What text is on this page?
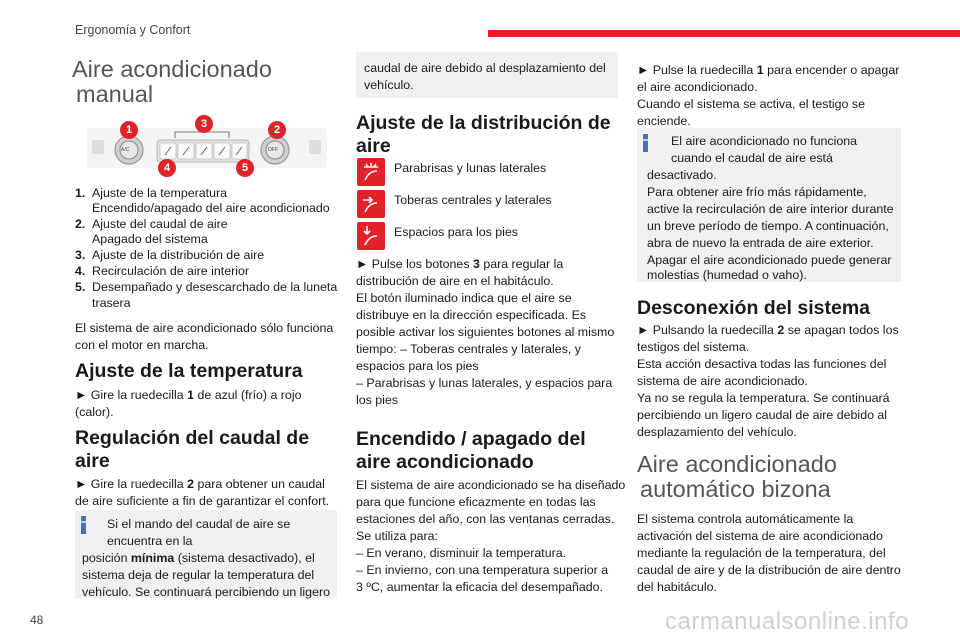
Ergonomía y Confort
Aire acondicionado
manual
A/C	OFF
1	3	2
4	5
1. Ajuste de la temperatura
Encendido/apagado del aire acondicionado
2. Ajuste del caudal de aire
Apagado del sistema
3. Ajuste de la distribución de aire
4. Recirculación de aire interior
5. Desempañado y desescarchado de la luneta
trasera

El sistema de aire acondicionado sólo funciona

con el motor en marcha.

Ajuste de la temperatura

► Gire la ruedecilla 1 de azul (frío) a rojo

(calor).

Regulación del caudal de
aire

► Gire la ruedecilla 2 para obtener un caudal

de aire suficiente a fin de garantizar el confort.

Si el mando del caudal de aire se

encuentra en la

posición mínima (sistema desactivado), el

sistema deja de regular la temperatura del

vehículo. Se continuará percibiendo un ligero

caudal de aire debido al desplazamiento del

vehículo.

Ajuste de la distribución de
aire
Parabrisas y lunas laterales
Toberas centrales y laterales
Espacios para los pies

► Pulse los botones 3 para regular la

distribución de aire en el habitáculo.

El botón iluminado indica que el aire se

distribuye en la dirección especificada. Es

posible activar los siguientes botones al mismo

tiempo: – Toberas centrales y laterales, y

espacios para los pies

– Parabrisas y lunas laterales, y espacios para

los pies

Encendido / apagado del
aire acondicionado

El sistema de aire acondicionado se ha diseñado

para que funcione eficazmente en todas las

estaciones del año, con las ventanas cerradas.

Se utiliza para:

– En verano, disminuir la temperatura.

– En invierno, con una temperatura superior a

3 ºC, aumentar la eficacia del desempañado.

► Pulse la ruedecilla 1 para encender o apagar

el aire acondicionado.

Cuando el sistema se activa, el testigo se

enciende.

El aire acondicionado no funciona

cuando el caudal de aire está

desactivado.

Para obtener aire frío más rápidamente,

active la recirculación de aire interior durante

un breve período de tiempo. A continuación,

abra de nuevo la entrada de aire exterior.

Apagar el aire acondicionado puede generar

molestias (humedad o vaho).

Desconexión del sistema

► Pulsando la ruedecilla 2 se apagan todos los

testigos del sistema.

Esta acción desactiva todas las funciones del

sistema de aire acondicionado.

Ya no se regula la temperatura. Se continuará

percibiendo un ligero caudal de aire debido al

desplazamiento del vehículo.

Aire acondicionado
automático bizona

El sistema controla automáticamente la

activación del sistema de aire acondicionado

mediante la regulación de la temperatura, del

caudal de aire y de la distribución de aire dentro

del habitáculo.

48	carmanualsonline.info
